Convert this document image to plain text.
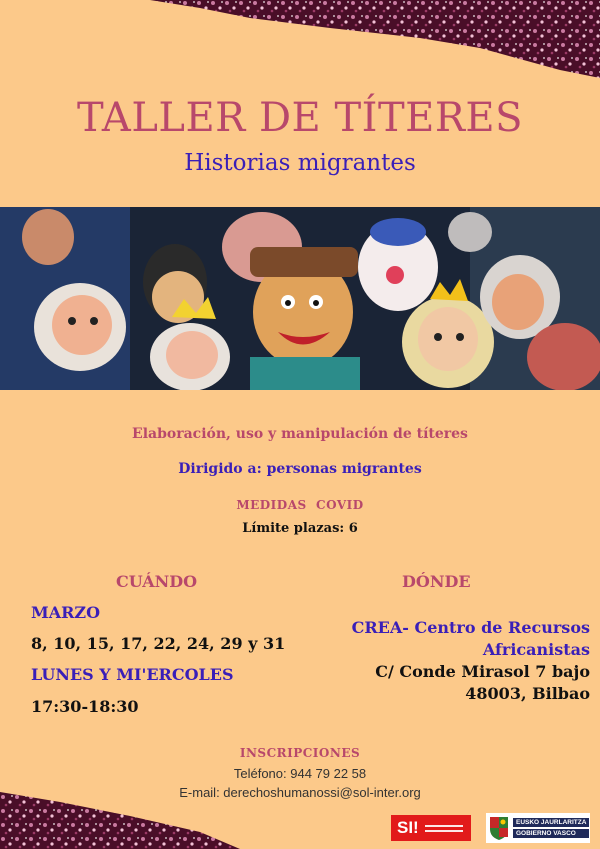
TALLER DE TÍTERES
Historias migrantes
Elaboración, uso y manipulación de títeres
Dirigido a: personas migrantes
MEDIDAS  COVID
Límite plazas: 6
CUÁNDO	DÓNDE
MARZO
8, 10, 15, 17, 22, 24, 29 y 31
LUNES Y MI'ERCOLES
17:30-18:30
CREA- Centro de Recursos
Africanistas
C/ Conde Mirasol 7 bajo
48003, Bilbao
INSCRIPCIONES
Teléfono: 944 79 22 58
E-mail: derechoshumanossi@sol-inter.org
SI!	EUSKO JAURLARITZA
GOBIERNO VASCO
